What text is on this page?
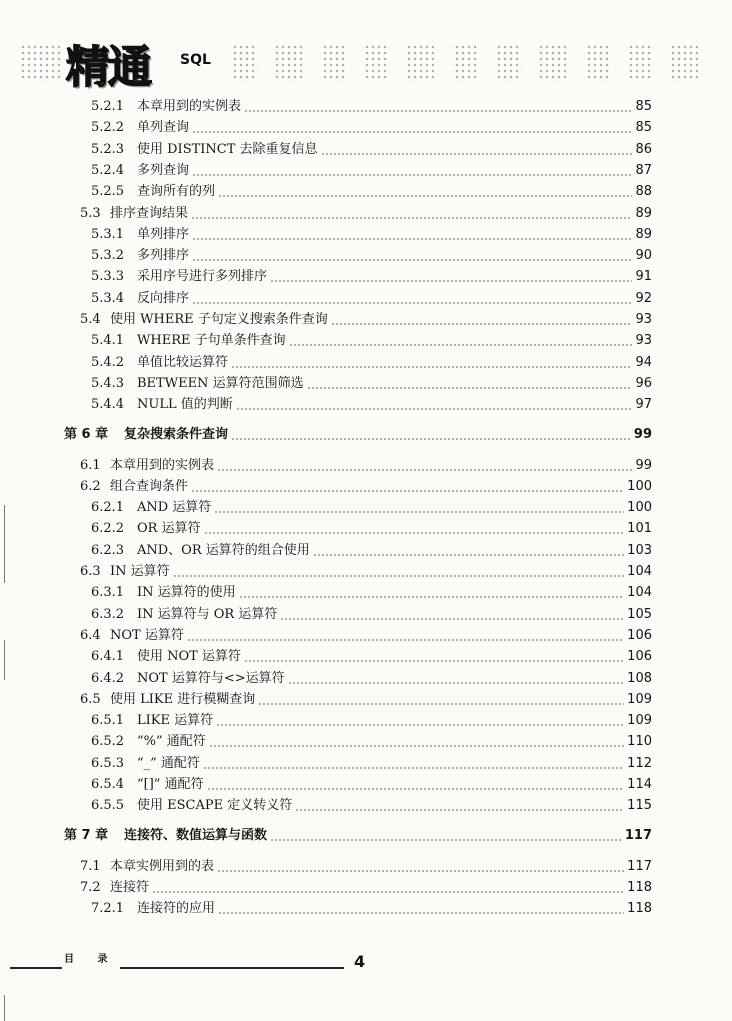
精通 SQL
5.2.1 本章用到的实例表	85
5.2.2 单列查询	85
5.2.3 使用 DISTINCT 去除重复信息	86
5.2.4 多列查询	87
5.2.5 查询所有的列	88
5.3 排序查询结果	89
5.3.1 单列排序	89
5.3.2 多列排序	90
5.3.3 采用序号进行多列排序	91
5.3.4 反向排序	92
5.4 使用 WHERE 子句定义搜索条件查询	93
5.4.1 WHERE 子句单条件查询	93
5.4.2 单值比较运算符	94
5.4.3 BETWEEN 运算符范围筛选	96
5.4.4 NULL 值的判断	97
第 6 章 复杂搜索条件查询	99
6.1 本章用到的实例表	99
6.2 组合查询条件	100
6.2.1 AND 运算符	100
6.2.2 OR 运算符	101
6.2.3 AND、OR 运算符的组合使用	103
6.3 IN 运算符	104
6.3.1 IN 运算符的使用	104
6.3.2 IN 运算符与 OR 运算符	105
6.4 NOT 运算符	106
6.4.1 使用 NOT 运算符	106
6.4.2 NOT 运算符与<>运算符	108
6.5 使用 LIKE 进行模糊查询	109
6.5.1 LIKE 运算符	109
6.5.2 “%” 通配符	110
6.5.3 “_” 通配符	112
6.5.4 “[]” 通配符	114
6.5.5 使用 ESCAPE 定义转义符	115
第 7 章 连接符、数值运算与函数	117
7.1 本章实例用到的表	117
7.2 连接符	118
7.2.1 连接符的应用	118
目 录	4
